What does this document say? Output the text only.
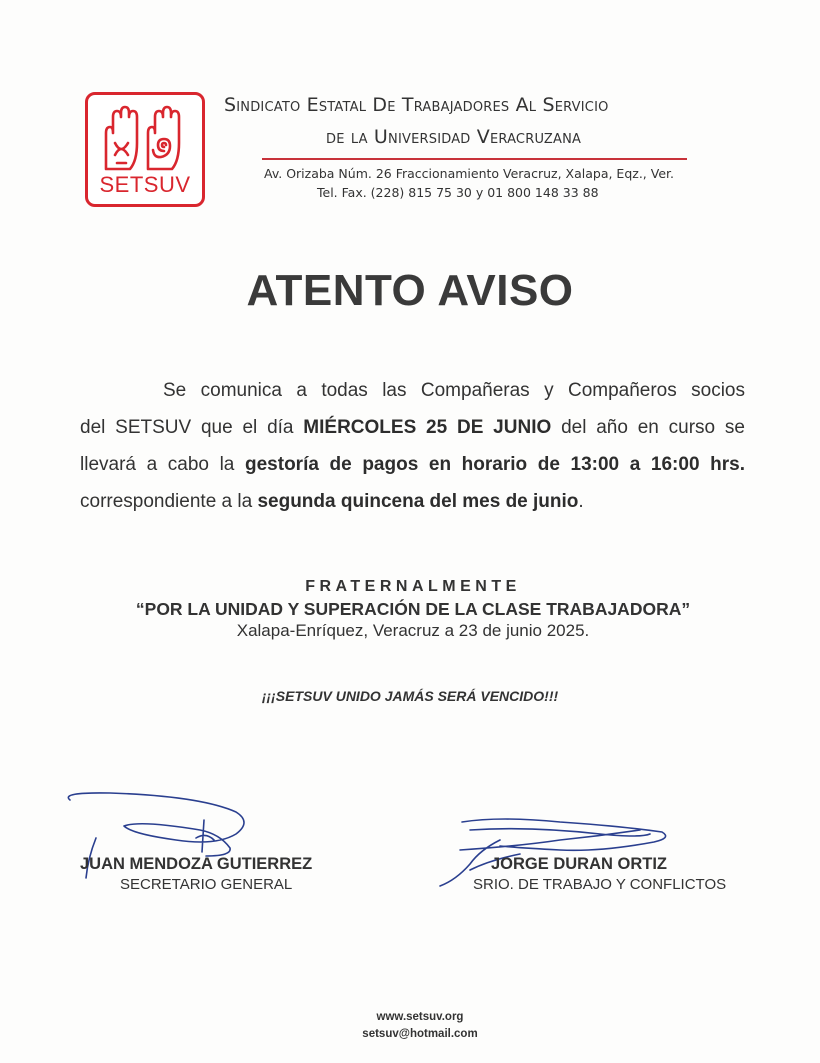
SETSUV
Sindicato Estatal De Trabajadores Al Servicio
de la Universidad Veracruzana
Av. Orizaba Núm. 26 Fraccionamiento Veracruz, Xalapa, Eqz., Ver.
Tel. Fax. (228) 815 75 30 y 01 800 148 33 88
ATENTO AVISO
Se comunica a todas las Compañeras y Compañeros socios
del SETSUV que el día MIÉRCOLES 25 DE JUNIO del año en curso se
llevará a cabo la gestoría de pagos en horario de 13:00 a 16:00 hrs.
correspondiente a la segunda quincena del mes de junio.
FRATERNALMENTE
“POR LA UNIDAD Y SUPERACIÓN DE LA CLASE TRABAJADORA”
Xalapa-Enríquez, Veracruz a 23 de junio 2025.
¡¡¡SETSUV UNIDO JAMÁS SERÁ VENCIDO!!!
JUAN MENDOZA GUTIERREZ
SECRETARIO GENERAL
JORGE DURAN ORTIZ
SRIO. DE TRABAJO Y CONFLICTOS
www.setsuv.org
setsuv@hotmail.com
